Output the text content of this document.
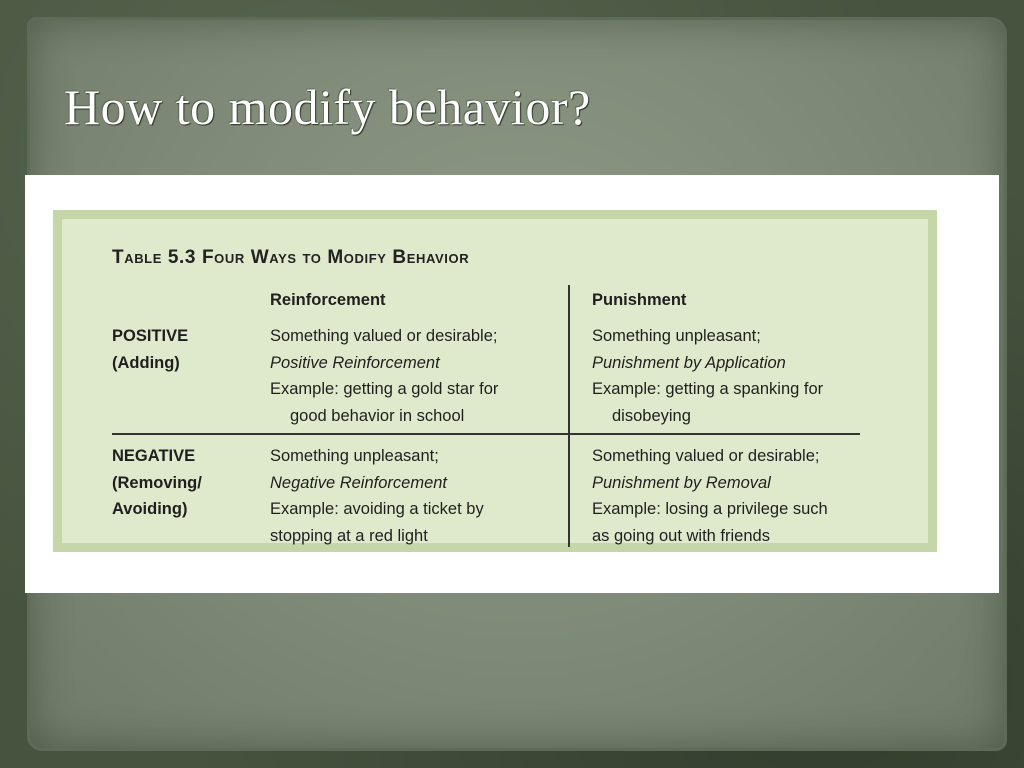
How to modify behavior?
Table 5.3 Four Ways to Modify Behavior
Reinforcement	Punishment
POSITIVE
(Adding)
Something valued or desirable;
Positive Reinforcement
Example: getting a gold star for
good behavior in school
Something unpleasant;
Punishment by Application
Example: getting a spanking for
disobeying
NEGATIVE
(Removing/
Avoiding)
Something unpleasant;
Negative Reinforcement
Example: avoiding a ticket by
stopping at a red light
Something valued or desirable;
Punishment by Removal
Example: losing a privilege such
as going out with friends
